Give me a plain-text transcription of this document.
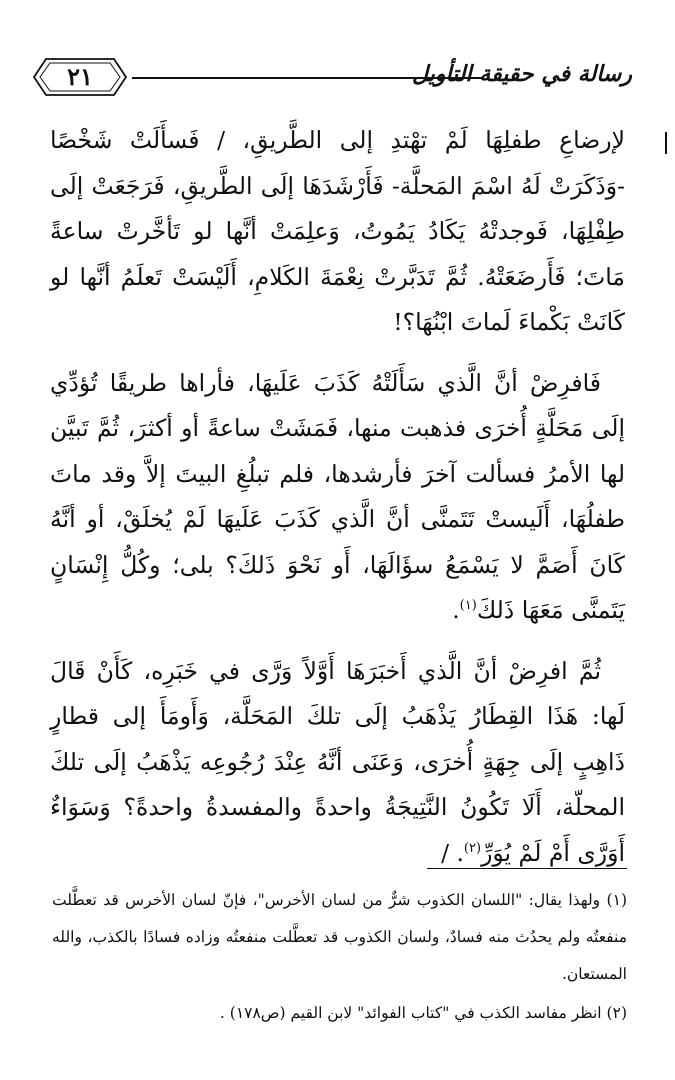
رسالة في حقيقة التأويل
٢١

لإرضاعِ طفلِهَا لَمْ تهْتدِ إلى الطَّريقِ، / فَسأَلَتْ شَخْصًا -وَذَكَرَتْ لَهُ اسْمَ المَحلَّة- فَأَرْشَدَهَا إلَى الطَّريقِ، فَرَجَعَتْ إلَى طِفْلِهَا، فَوجدتْهُ يَكَادُ يَمُوتُ، وَعلِمَتْ أنَّها لو تَأخَّرتْ ساعةً مَاتَ؛ فَأَرضَعَتْهُ. ثُمَّ تَدَبَّرتْ نِعْمَةَ الكَلامِ، أَلَيْسَتْ تَعلَمُ أنَّها لو كَانَتْ بَكْماءَ لَماتَ ابْنُهَا؟!

فَافرِضْ أنَّ الَّذي سَأَلَتْهُ كَذَبَ عَلَيهَا، فأراها طريقًا تُؤدِّي إلَى مَحَلَّةٍ أُخرَى فذهبت منها، فَمَشَتْ ساعةً أو أكثرَ، ثُمَّ تَبيَّن لها الأمرُ فسألت آخرَ فأرشدها، فلم تبلُغِ البيتَ إلاَّ وقد ماتَ طفلُهَا، أَلَيستْ تَتَمنَّى أنَّ الَّذي كَذَبَ عَلَيهَا لَمْ يُخلَقْ، أو أنَّهُ كَانَ أَصَمَّ لا يَسْمَعُ سؤَالَهَا، أَو نَحْوَ ذَلكَ؟ بلى؛ وكُلُّ إِنْسَانٍ يَتَمنَّى مَعَهَا ذَلكَ$^{(١)}$.

ثُمَّ افرِضْ أنَّ الَّذي أَخبَرَهَا أَوَّلاً وَرَّى في خَبَرِه، كَأَنْ قَالَ لَها: هَذَا القِطَارُ يَذْهَبُ إلَى تلكَ المَحَلَّة، وَأَومَأَ إلى قطارٍ ذَاهِبٍ إلَى جِهَةٍ أُخرَى، وَعَنَى أنَّهُ عِنْدَ رُجُوعِه يَذْهَبُ إلَى تلكَ المحلّة، أَلَا تَكُونُ النَّتِيجَةُ واحدةً والمفسدةُ واحدةً؟ وَسَوَاءٌ أَوَرَّى أَمْ لَمْ يُوَرِّ$^{(٢)}$. /

(١) ولهذا يقال: "اللسان الكذوب شرٌّ من لسان الأخرس"، فإنّ لسان الأخرس قد تعطَّلت منفعتُه ولم يحدُث منه فسادٌ، ولسان الكذوب قد تعطَّلت منفعتُه وزاده فسادًا بالكذب، والله المستعان.

(٢) انظر مفاسد الكذب في "كتاب الفوائد" لابن القيم (ص١٧٨) .
